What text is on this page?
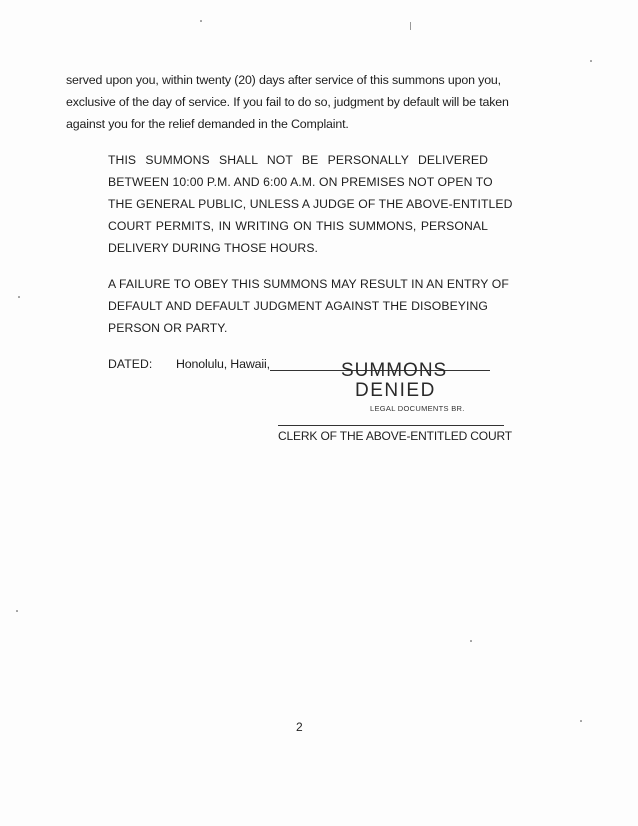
served upon you, within twenty (20) days after service of this summons upon you,
exclusive of the day of service. If you fail to do so, judgment by default will be taken
against you for the relief demanded in the Complaint.
THIS SUMMONS SHALL NOT BE PERSONALLY DELIVERED
BETWEEN 10:00 P.M. AND 6:00 A.M. ON PREMISES NOT OPEN TO
THE GENERAL PUBLIC, UNLESS A JUDGE OF THE ABOVE-ENTITLED
COURT PERMITS, IN WRITING ON THIS SUMMONS, PERSONAL
DELIVERY DURING THOSE HOURS.
A FAILURE TO OBEY THIS SUMMONS MAY RESULT IN AN ENTRY OF
DEFAULT AND DEFAULT JUDGMENT AGAINST THE DISOBEYING
PERSON OR PARTY.
DATED: Honolulu, Hawaii,	SUMMONS
DENIED
LEGAL DOCUMENTS BR.
CLERK OF THE ABOVE-ENTITLED COURT
2
